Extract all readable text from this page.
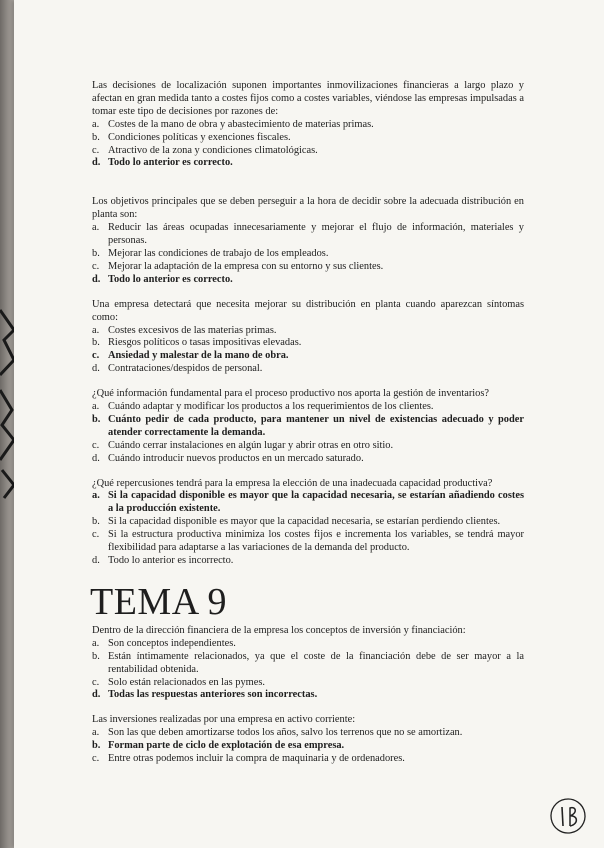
Las decisiones de localización suponen importantes inmovilizaciones financieras a largo plazo y afectan en gran medida tanto a costes fijos como a costes variables, viéndose las empresas impulsadas a tomar este tipo de decisiones por razones de:
a. Costes de la mano de obra y abastecimiento de materias primas.
b. Condiciones políticas y exenciones fiscales.
c. Atractivo de la zona y condiciones climatológicas.
d. Todo lo anterior es correcto.
Los objetivos principales que se deben perseguir a la hora de decidir sobre la adecuada distribución en planta son:
a. Reducir las áreas ocupadas innecesariamente y mejorar el flujo de información, materiales y personas.
b. Mejorar las condiciones de trabajo de los empleados.
c. Mejorar la adaptación de la empresa con su entorno y sus clientes.
d. Todo lo anterior es correcto.
Una empresa detectará que necesita mejorar su distribución en planta cuando aparezcan síntomas como:
a. Costes excesivos de las materias primas.
b. Riesgos políticos o tasas impositivas elevadas.
c. Ansiedad y malestar de la mano de obra.
d. Contrataciones/despidos de personal.
¿Qué información fundamental para el proceso productivo nos aporta la gestión de inventarios?
a. Cuándo adaptar y modificar los productos a los requerimientos de los clientes.
b. Cuánto pedir de cada producto, para mantener un nivel de existencias adecuado y poder atender correctamente la demanda.
c. Cuándo cerrar instalaciones en algún lugar y abrir otras en otro sitio.
d. Cuándo introducir nuevos productos en un mercado saturado.
¿Qué repercusiones tendrá para la empresa la elección de una inadecuada capacidad productiva?
a. Si la capacidad disponible es mayor que la capacidad necesaria, se estarían añadiendo costes a la producción existente.
b. Si la capacidad disponible es mayor que la capacidad necesaria, se estarían perdiendo clientes.
c. Si la estructura productiva minimiza los costes fijos e incrementa los variables, se tendrá mayor flexibilidad para adaptarse a las variaciones de la demanda del producto.
d. Todo lo anterior es incorrecto.
TEMA 9
Dentro de la dirección financiera de la empresa los conceptos de inversión y financiación:
a. Son conceptos independientes.
b. Están íntimamente relacionados, ya que el coste de la financiación debe de ser mayor a la rentabilidad obtenida.
c. Solo están relacionados en las pymes.
d. Todas las respuestas anteriores son incorrectas.
Las inversiones realizadas por una empresa en activo corriente:
a. Son las que deben amortizarse todos los años, salvo los terrenos que no se amortizan.
b. Forman parte de ciclo de explotación de esa empresa.
c. Entre otras podemos incluir la compra de maquinaria y de ordenadores.
